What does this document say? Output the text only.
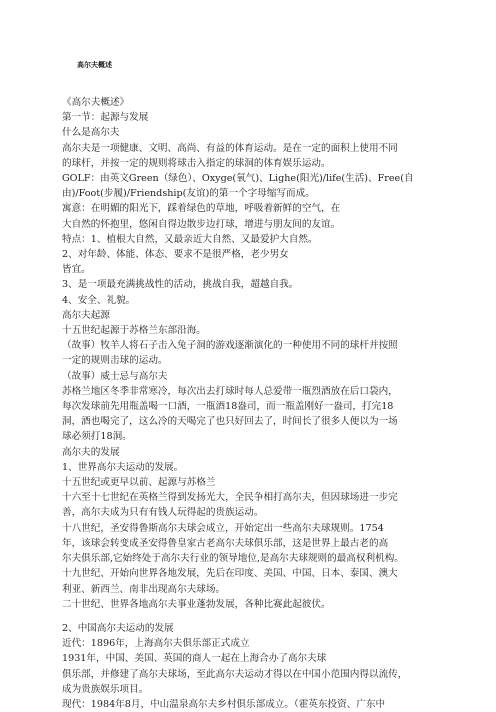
高尔夫概述

《高尔夫概述》

第一节：起源与发展

什么是高尔夫

高尔夫是一项健康、文明、高尚、有益的体育运动。是在一定的面积上使用不同

的球杆，并按一定的规则将球击入指定的球洞的体育娱乐运动。

GOLF：由英文Green（绿色）、Oxyge(氧气)、Lighe(阳光)/life(生活)、Free(自

由)/Foot(步履)/Friendship(友谊)的第一个字母缩写而成。

寓意：在明媚的阳光下，踩着绿色的草地，呼吸着新鲜的空气，在

大自然的怀抱里，悠闲自得边散步边打球，增进与朋友间的友谊。

特点：1、植根大自然，又最亲近大自然、又最爱护大自然。

2、对年龄、体能、体态、要求不是很严格，老少男女

皆宜。

3、是一项最充满挑战性的活动，挑战自我，超越自我。

4、安全、礼貌。

高尔夫起源

十五世纪起源于苏格兰东部沿海。

（故事）牧羊人将石子击入兔子洞的游戏逐渐演化的一种使用不同的球杆并按照

一定的规则击球的运动。

（故事）威士忌与高尔夫

苏格兰地区冬季非常寒冷，每次出去打球时每人总爱带一瓶烈酒放在后口袋内，

每次发球前先用瓶盖喝一口酒，一瓶酒18盎司，而一瓶盖刚好一盎司，打完18

洞，酒也喝完了，这么冷的天喝完了也只好回去了，时间长了很多人便以为一场

球必须打18洞。

高尔夫的发展

1、世界高尔夫运动的发展。

十五世纪或更早以前、起源与苏格兰

十六至十七世纪在英格兰得到发扬光大，全民争相打高尔夫，但因球场进一步完

善，高尔夫成为只有有钱人玩得起的贵族运动。

十八世纪，圣安得鲁斯高尔夫球会成立，开始定出一些高尔夫球规则。1754

年，该球会转变成圣安得鲁皇家古老高尔夫球俱乐部，这是世界上最古老的高

尔夫俱乐部,它始终处于高尔夫行业的领导地位,是高尔夫球规则的最高权利机构。

十九世纪、开始向世界各地发展，先后在印度、美国、中国、日本、泰国、澳大

利亚、新西兰、南非出现高尔夫球场。

二十世纪、世界各地高尔夫事业蓬勃发展，各种比赛此起彼伏。

2、中国高尔夫运动的发展

近代：1896年，上海高尔夫俱乐部正式成立

1931年，中国、美国、英国的商人一起在上海合办了高尔夫球

俱乐部，并修建了高尔夫球场，至此高尔夫运动才得以在中国小范围内得以流传，

成为贵族娱乐项目。

现代：1984年8月，中山温泉高尔夫乡村俱乐部成立。（霍英东投资、广东中
